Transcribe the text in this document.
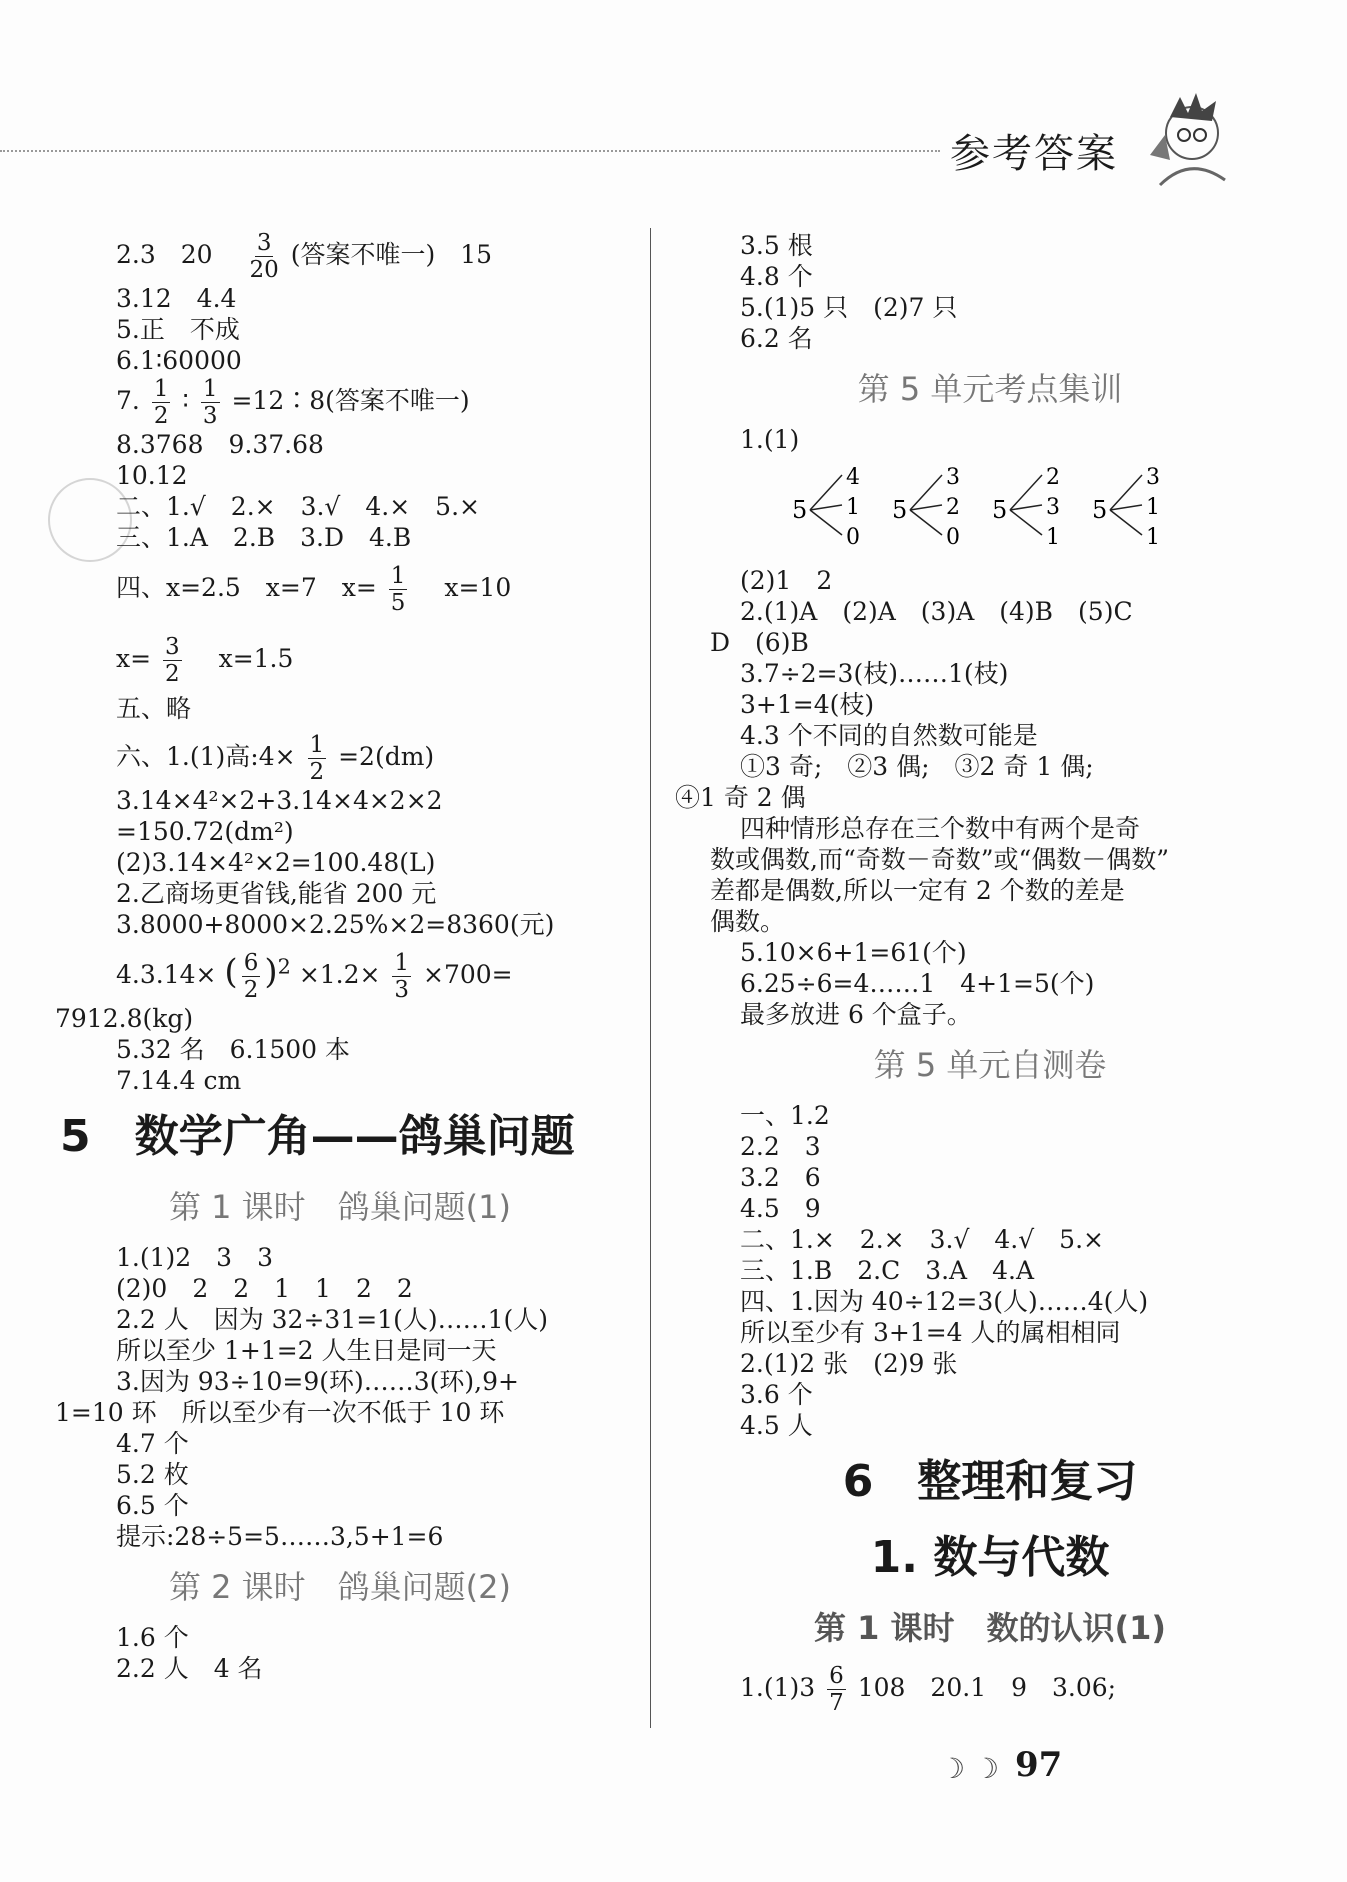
参考答案
2.3　20　 $\frac{3}{20}$ (答案不唯一)　15
3.12　4.4
5.正　不成
6.1∶60000
7. $\frac{1}{2}$ ∶ $\frac{1}{3}$ =12∶8(答案不唯一)
8.3768　9.37.68
10.12
二、1.√　2.×　3.√　4.×　5.×
三、1.A　2.B　3.D　4.B
四、x=2.5　x=7　$x= \frac{1}{5}$
　 x=10
$x= \frac{3}{2}$
　 x=1.5
五、略
六、1.(1)高:4× $\frac{1}{2} =2(dm)$
3.14×4²×2+3.14×4×2×2
=150.72(dm²)
(2)3.14×4²×2=100.48(L)
2.乙商场更省钱,能省 200 元
3.8000+8000×2.25%×2=8360(元)
4.3.14× ( $\frac{6}{2} )^2 \times 1.2\times \frac{1}{3} \times 700=$
7912.8(kg)
5.32 名　6.1500 本
7.14.4 cm
5　数学广角——鸽巢问题
第 1 课时　鸽巢问题(1)
1.(1)2　3　3
(2)0　2　2　1　1　2　2
2.2 人　因为 32÷31=1(人)……1(人)
所以至少 1+1=2 人生日是同一天
3.因为 93÷10=9(环)……3(环),9+
1=10 环　所以至少有一次不低于 10 环
4.7 个
5.2 枚
6.5 个
提示:28÷5=5……3,5+1=6
第 2 课时　鸽巢问题(2)
1.6 个
2.2 人　4 名
3.5 根
4.8 个
5.(1)5 只　(2)7 只
6.2 名
第 5 单元考点集训
1.(1)
5
4
1
0
5
3
2
0
5
2
3
1
5
3
1
1
(2)1　2
2.(1)A　(2)A　(3)A　(4)B　(5)C
D　(6)B
3.7÷2=3(枝)……1(枝)
3+1=4(枝)
4.3 个不同的自然数可能是
①3 奇;　②3 偶;　③2 奇 1 偶;
④1 奇 2 偶
四种情形总存在三个数中有两个是奇
数或偶数,而“奇数－奇数”或“偶数－偶数”
差都是偶数,所以一定有 2 个数的差是
偶数。
5.10×6+1=61(个)
6.25÷6=4……1　4+1=5(个)
最多放进 6 个盒子。
第 5 单元自测卷
一、1.2
2.2　3
3.2　6
4.5　9
二、1.×　2.×　3.√　4.√　5.×
三、1.B　2.C　3.A　4.A
四、1.因为 40÷12=3(人)……4(人)
所以至少有 3+1=4 人的属相相同
2.(1)2 张　(2)9 张
3.6 个
4.5 人
6　整理和复习
1. 数与代数
第 1 课时　数的认识(1)
$1.(1)3 \frac{6}{7} 108$　20.1　9　3.06;
☽ ☽ 97
